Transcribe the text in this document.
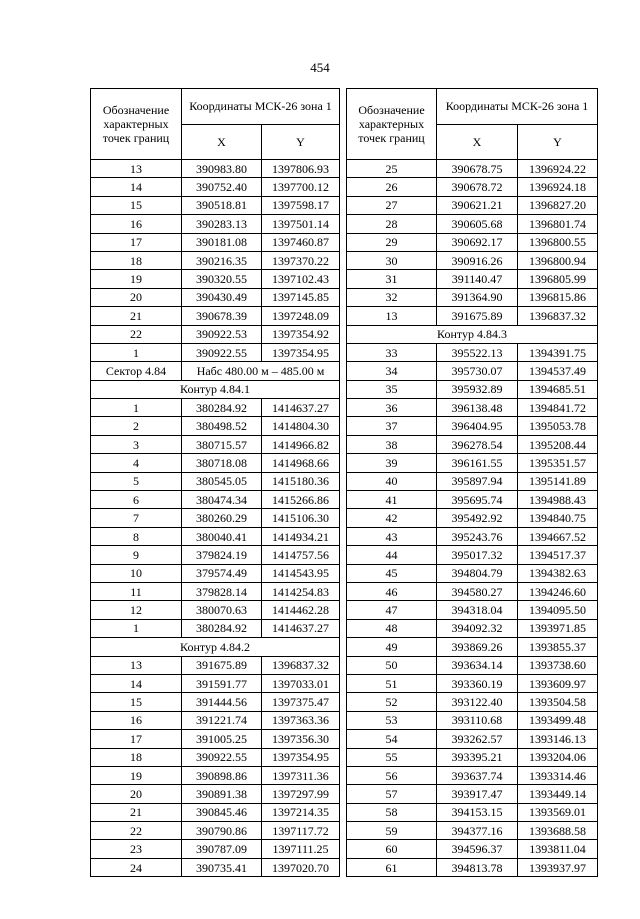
454
Обозначение характерных точек границ	Координаты МСК-26 зона 1	
	X	Y
13	390983.80	1397806.93
14	390752.40	1397700.12
15	390518.81	1397598.17
16	390283.13	1397501.14
17	390181.08	1397460.87
18	390216.35	1397370.22
19	390320.55	1397102.43
20	390430.49	1397145.85
21	390678.39	1397248.09
22	390922.53	1397354.92
1	390922.55	1397354.95
Сектор 4.84	Набс 480.00 м – 485.00 м	
Контур 4.84.1		
1	380284.92	1414637.27
2	380498.52	1414804.30
3	380715.57	1414966.82
4	380718.08	1414968.66
5	380545.05	1415180.36
6	380474.34	1415266.86
7	380260.29	1415106.30
8	380040.41	1414934.21
9	379824.19	1414757.56
10	379574.49	1414543.95
11	379828.14	1414254.83
12	380070.63	1414462.28
1	380284.92	1414637.27
Контур 4.84.2		
13	391675.89	1396837.32
14	391591.77	1397033.01
15	391444.56	1397375.47
16	391221.74	1397363.36
17	391005.25	1397356.30
18	390922.55	1397354.95
19	390898.86	1397311.36
20	390891.38	1397297.99
21	390845.46	1397214.35
22	390790.86	1397117.72
23	390787.09	1397111.25
24	390735.41	1397020.70
Обозначение характерных точек границ	Координаты МСК-26 зона 1	
	X	Y
25	390678.75	1396924.22
26	390678.72	1396924.18
27	390621.21	1396827.20
28	390605.68	1396801.74
29	390692.17	1396800.55
30	390916.26	1396800.94
31	391140.47	1396805.99
32	391364.90	1396815.86
13	391675.89	1396837.32
Контур 4.84.3		
33	395522.13	1394391.75
34	395730.07	1394537.49
35	395932.89	1394685.51
36	396138.48	1394841.72
37	396404.95	1395053.78
38	396278.54	1395208.44
39	396161.55	1395351.57
40	395897.94	1395141.89
41	395695.74	1394988.43
42	395492.92	1394840.75
43	395243.76	1394667.52
44	395017.32	1394517.37
45	394804.79	1394382.63
46	394580.27	1394246.60
47	394318.04	1394095.50
48	394092.32	1393971.85
49	393869.26	1393855.37
50	393634.14	1393738.60
51	393360.19	1393609.97
52	393122.40	1393504.58
53	393110.68	1393499.48
54	393262.57	1393146.13
55	393395.21	1393204.06
56	393637.74	1393314.46
57	393917.47	1393449.14
58	394153.15	1393569.01
59	394377.16	1393688.58
60	394596.37	1393811.04
61	394813.78	1393937.97
